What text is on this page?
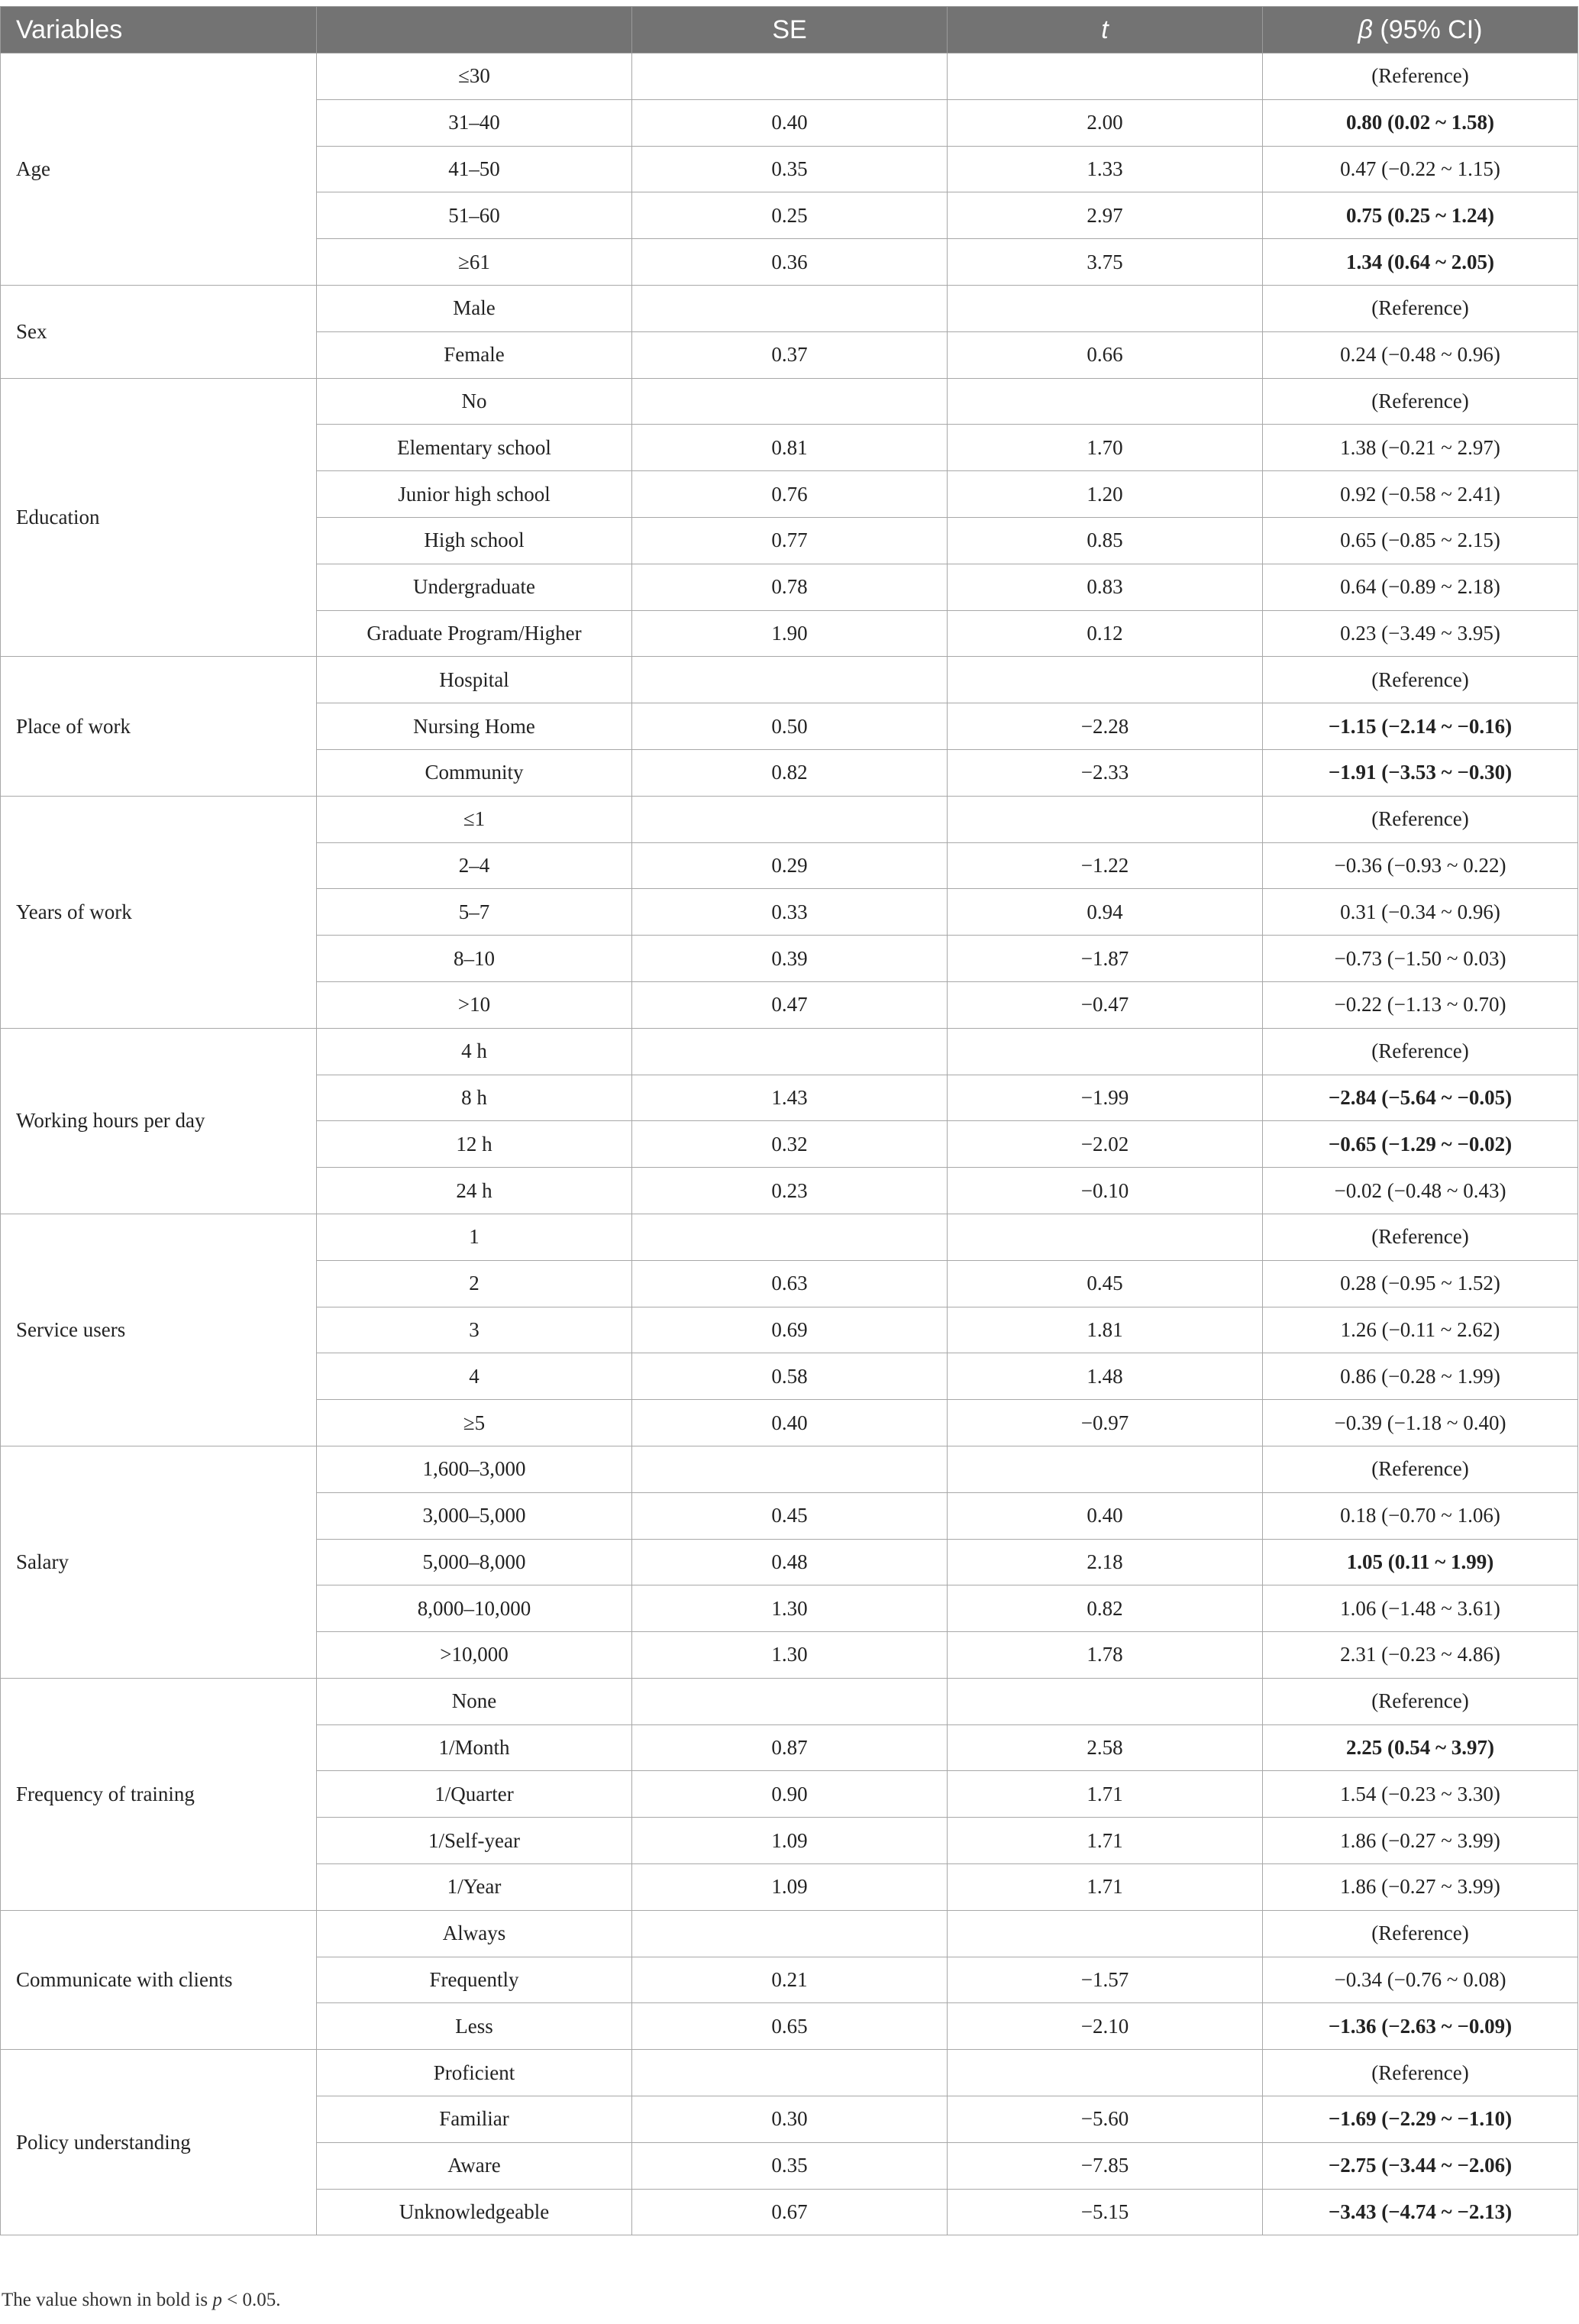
Variables		SE	t	β (95% CI)
Age	≤30			(Reference)
	31–40	0.40	2.00	0.80 (0.02 ~ 1.58)
	41–50	0.35	1.33	0.47 (−0.22 ~ 1.15)
	51–60	0.25	2.97	0.75 (0.25 ~ 1.24)
	≥61	0.36	3.75	1.34 (0.64 ~ 2.05)
Sex	Male			(Reference)
	Female	0.37	0.66	0.24 (−0.48 ~ 0.96)
Education	No			(Reference)
	Elementary school	0.81	1.70	1.38 (−0.21 ~ 2.97)
	Junior high school	0.76	1.20	0.92 (−0.58 ~ 2.41)
	High school	0.77	0.85	0.65 (−0.85 ~ 2.15)
	Undergraduate	0.78	0.83	0.64 (−0.89 ~ 2.18)
	Graduate Program/Higher	1.90	0.12	0.23 (−3.49 ~ 3.95)
Place of work	Hospital			(Reference)
	Nursing Home	0.50	−2.28	−1.15 (−2.14 ~ −0.16)
	Community	0.82	−2.33	−1.91 (−3.53 ~ −0.30)
Years of work	≤1			(Reference)
	2–4	0.29	−1.22	−0.36 (−0.93 ~ 0.22)
	5–7	0.33	0.94	0.31 (−0.34 ~ 0.96)
	8–10	0.39	−1.87	−0.73 (−1.50 ~ 0.03)
	>10	0.47	−0.47	−0.22 (−1.13 ~ 0.70)
Working hours per day	4 h			(Reference)
	8 h	1.43	−1.99	−2.84 (−5.64 ~ −0.05)
	12 h	0.32	−2.02	−0.65 (−1.29 ~ −0.02)
	24 h	0.23	−0.10	−0.02 (−0.48 ~ 0.43)
Service users	1			(Reference)
	2	0.63	0.45	0.28 (−0.95 ~ 1.52)
	3	0.69	1.81	1.26 (−0.11 ~ 2.62)
	4	0.58	1.48	0.86 (−0.28 ~ 1.99)
	≥5	0.40	−0.97	−0.39 (−1.18 ~ 0.40)
Salary	1,600–3,000			(Reference)
	3,000–5,000	0.45	0.40	0.18 (−0.70 ~ 1.06)
	5,000–8,000	0.48	2.18	1.05 (0.11 ~ 1.99)
	8,000–10,000	1.30	0.82	1.06 (−1.48 ~ 3.61)
	>10,000	1.30	1.78	2.31 (−0.23 ~ 4.86)
Frequency of training	None			(Reference)
	1/Month	0.87	2.58	2.25 (0.54 ~ 3.97)
	1/Quarter	0.90	1.71	1.54 (−0.23 ~ 3.30)
	1/Self-year	1.09	1.71	1.86 (−0.27 ~ 3.99)
	1/Year	1.09	1.71	1.86 (−0.27 ~ 3.99)
Communicate with clients	Always			(Reference)
	Frequently	0.21	−1.57	−0.34 (−0.76 ~ 0.08)
	Less	0.65	−2.10	−1.36 (−2.63 ~ −0.09)
Policy understanding	Proficient			(Reference)
	Familiar	0.30	−5.60	−1.69 (−2.29 ~ −1.10)
	Aware	0.35	−7.85	−2.75 (−3.44 ~ −2.06)
	Unknowledgeable	0.67	−5.15	−3.43 (−4.74 ~ −2.13)
The value shown in bold is p < 0.05.
